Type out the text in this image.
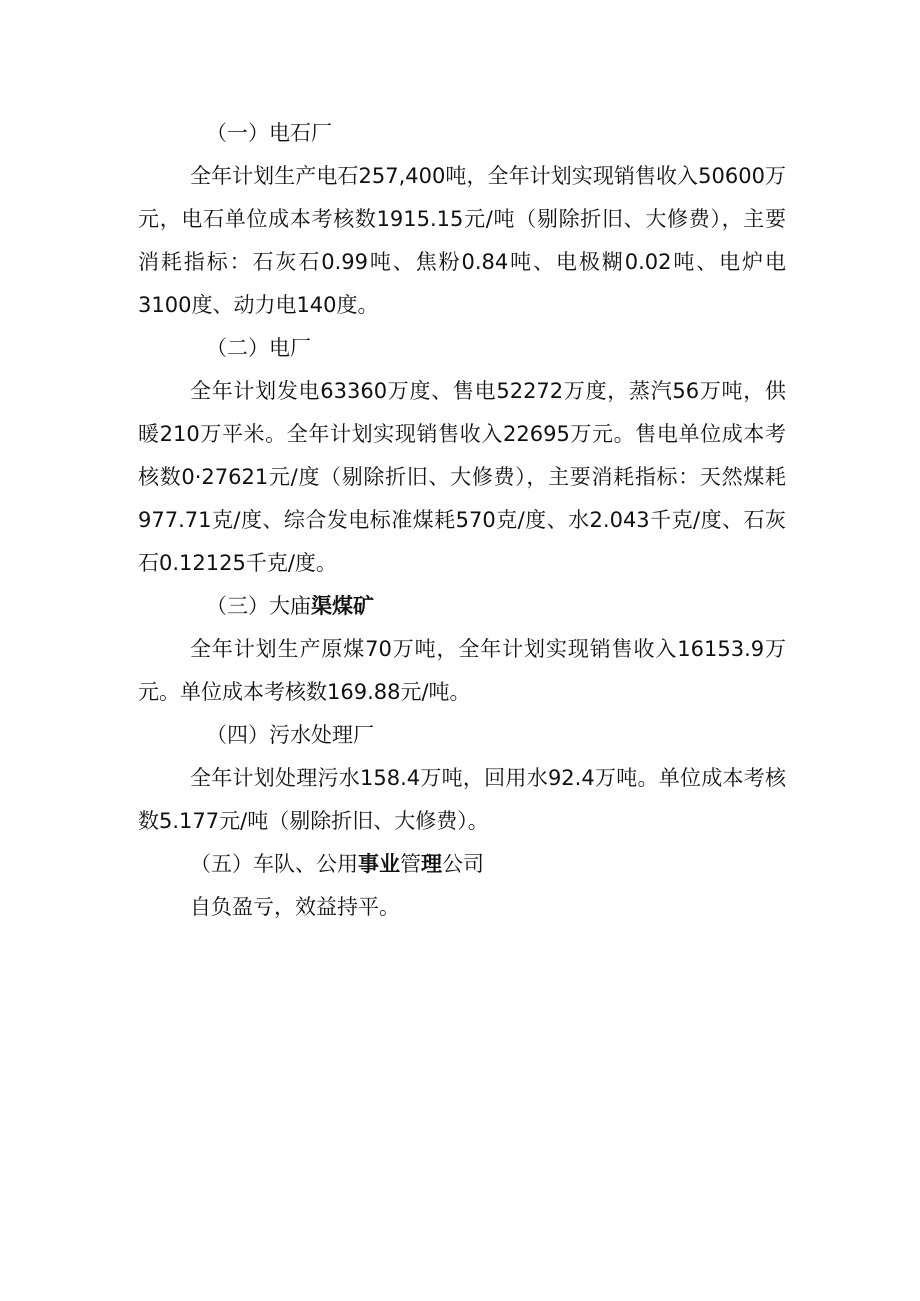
（一）电石厂

全年计划生产电石257,400吨，全年计划实现销售收入50600万元，电石单位成本考核数1915.15元/吨（剔除折旧、大修费），主要消耗指标：石灰石0.99吨、焦粉0.84吨、电极糊0.02吨、电炉电3100度、动力电140度。

（二）电厂

全年计划发电63360万度、售电52272万度，蒸汽56万吨，供暖210万平米。全年计划实现销售收入22695万元。售电单位成本考核数0·27621元/度（剔除折旧、大修费），主要消耗指标：天然煤耗977.71克/度、综合发电标准煤耗570克/度、水2.043千克/度、石灰石0.12125千克/度。

（三）大庙渠煤矿

全年计划生产原煤70万吨，全年计划实现销售收入16153.9万元。单位成本考核数169.88元/吨。

（四）污水处理厂

全年计划处理污水158.4万吨，回用水92.4万吨。单位成本考核数5.177元/吨（剔除折旧、大修费）。

（五）车队、公用事业管理公司

自负盈亏，效益持平。
